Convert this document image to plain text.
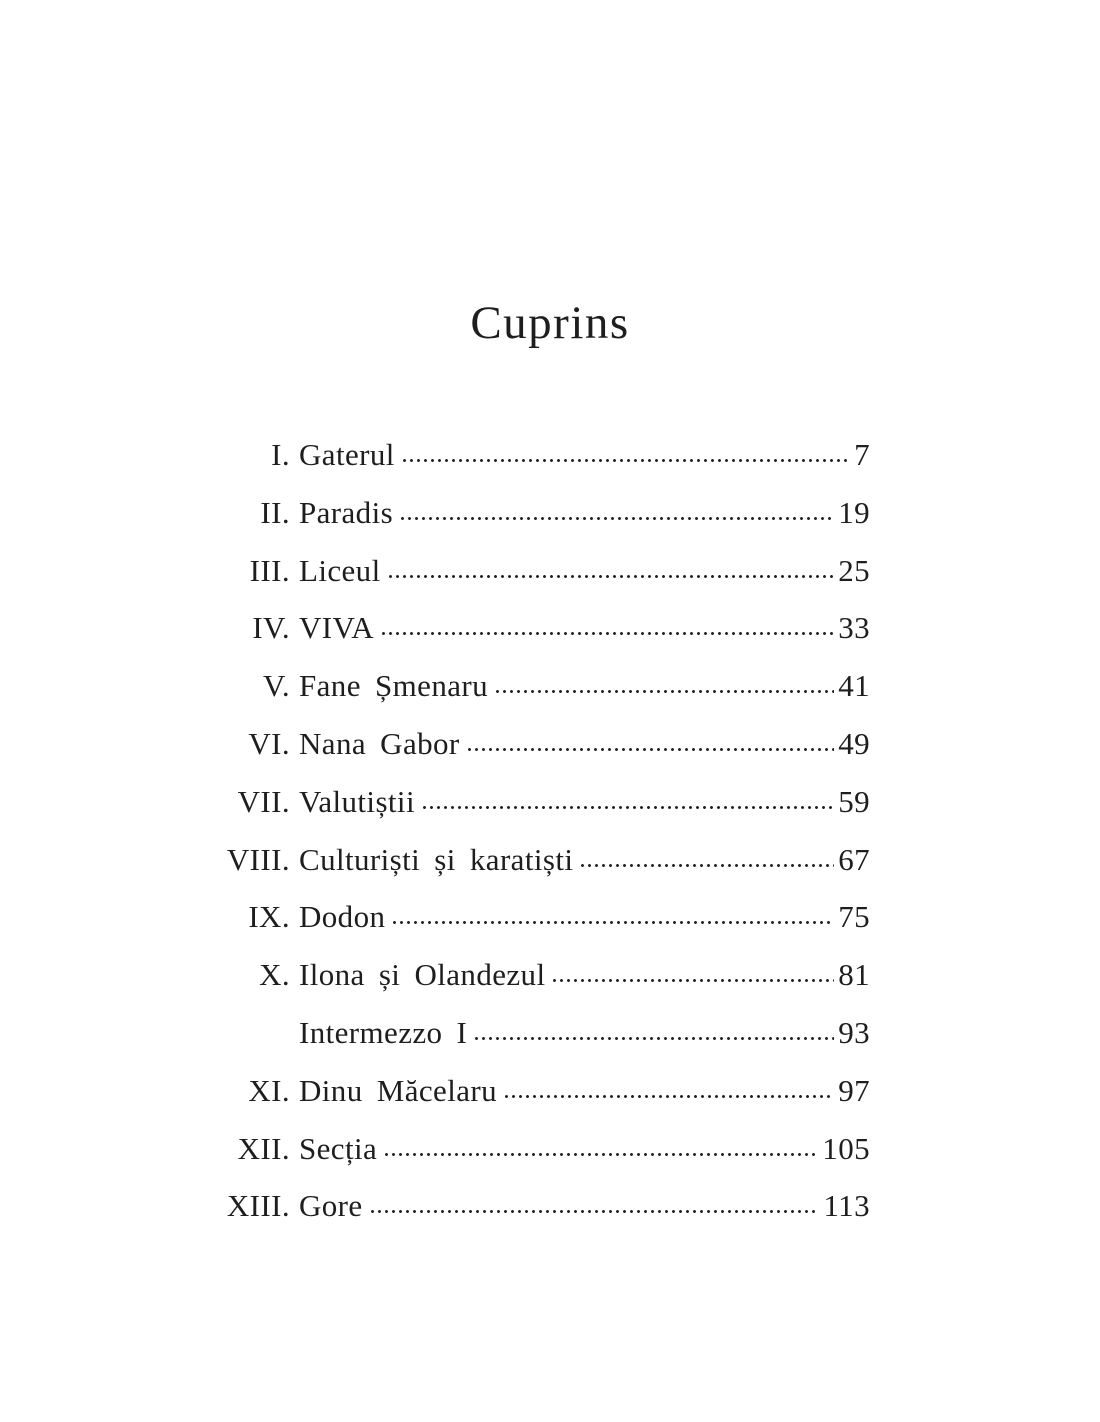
Cuprins
I. Gaterul	7
II. Paradis	19
III. Liceul	25
IV. VIVA	33
V. Fane Șmenaru	41
VI. Nana Gabor	49
VII. Valutiștii	59
VIII. Culturiști și karatiști	67
IX. Dodon	75
X. Ilona și Olandezul	81
Intermezzo I	93
XI. Dinu Măcelaru	97
XII. Secția	105
XIII. Gore	113
